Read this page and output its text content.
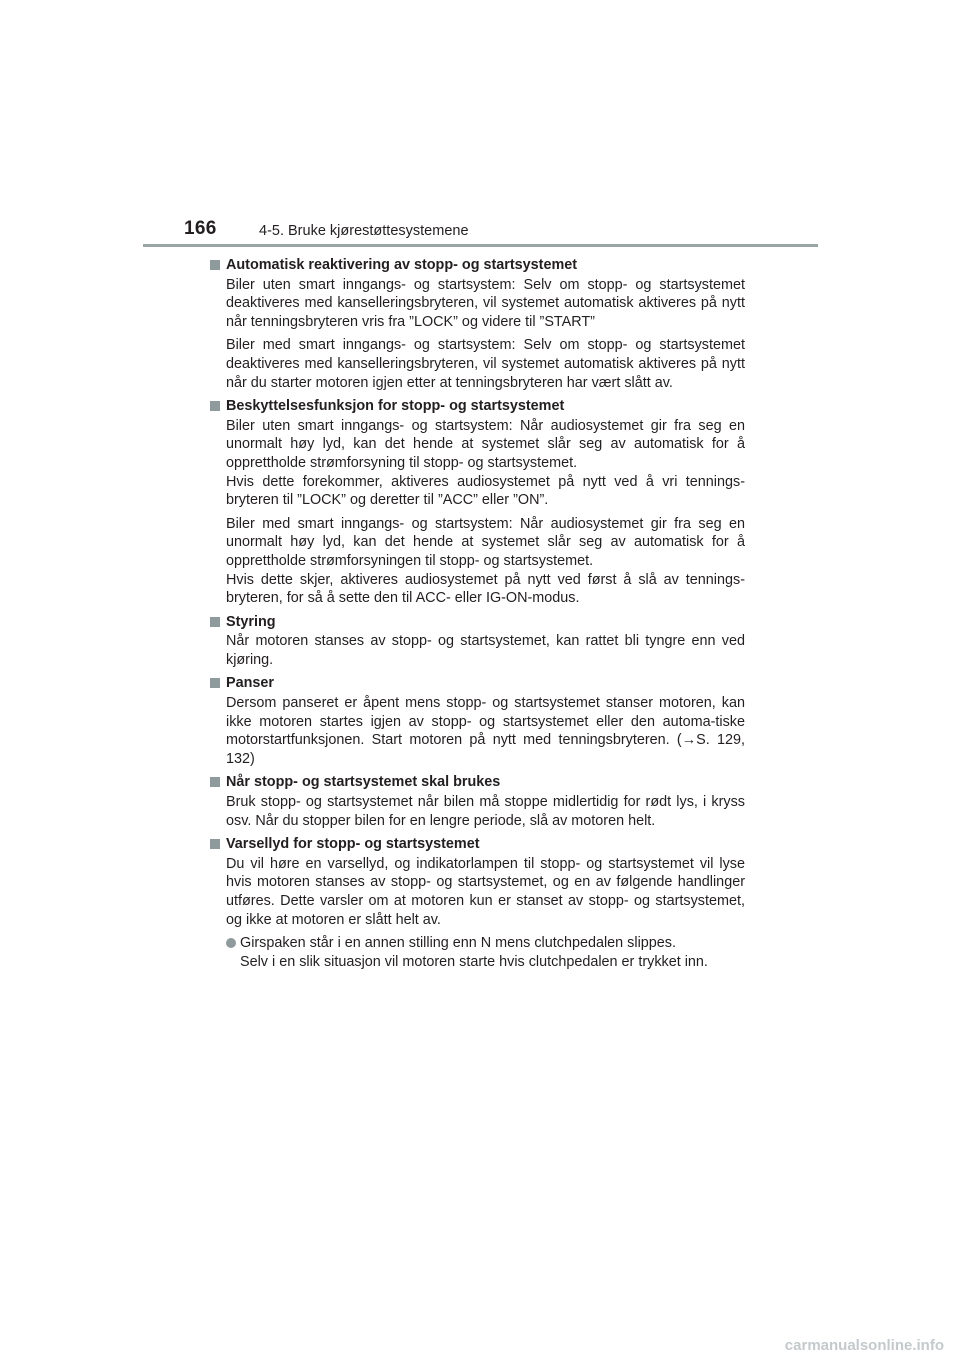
166	4-5. Bruke kjørestøttesystemene
Automatisk reaktivering av stopp- og startsystemet
Biler uten smart inngangs- og startsystem: Selv om stopp- og startsystemet deaktiveres med kanselleringsbryteren, vil systemet automatisk aktiveres på nytt når tenningsbryteren vris fra ”LOCK” og videre til ”START”
Biler med smart inngangs- og startsystem: Selv om stopp- og startsystemet deaktiveres med kanselleringsbryteren, vil systemet automatisk aktiveres på nytt når du starter motoren igjen etter at tenningsbryteren har vært slått av.
Beskyttelsesfunksjon for stopp- og startsystemet
Biler uten smart inngangs- og startsystem: Når audiosystemet gir fra seg en unormalt høy lyd, kan det hende at systemet slår seg av automatisk for å opprettholde strømforsyning til stopp- og startsystemet.
Hvis dette forekommer, aktiveres audiosystemet på nytt ved å vri tennings-bryteren til ”LOCK” og deretter til ”ACC” eller ”ON”.
Biler med smart inngangs- og startsystem: Når audiosystemet gir fra seg en unormalt høy lyd, kan det hende at systemet slår seg av automatisk for å opprettholde strømforsyningen til stopp- og startsystemet.
Hvis dette skjer, aktiveres audiosystemet på nytt ved først å slå av tennings-bryteren, for så å sette den til ACC- eller IG-ON-modus.
Styring
Når motoren stanses av stopp- og startsystemet, kan rattet bli tyngre enn ved kjøring.
Panser
Dersom panseret er åpent mens stopp- og startsystemet stanser motoren, kan ikke motoren startes igjen av stopp- og startsystemet eller den automa-tiske motorstartfunksjonen. Start motoren på nytt med tenningsbryteren. (→S. 129, 132)
Når stopp- og startsystemet skal brukes
Bruk stopp- og startsystemet når bilen må stoppe midlertidig for rødt lys, i kryss osv. Når du stopper bilen for en lengre periode, slå av motoren helt.
Varsellyd for stopp- og startsystemet
Du vil høre en varsellyd, og indikatorlampen til stopp- og startsystemet vil lyse hvis motoren stanses av stopp- og startsystemet, og en av følgende handlinger utføres. Dette varsler om at motoren kun er stanset av stopp- og startsystemet, og ikke at motoren er slått helt av.
Girspaken står i en annen stilling enn N mens clutchpedalen slippes.
Selv i en slik situasjon vil motoren starte hvis clutchpedalen er trykket inn.
carmanualsonline.info
